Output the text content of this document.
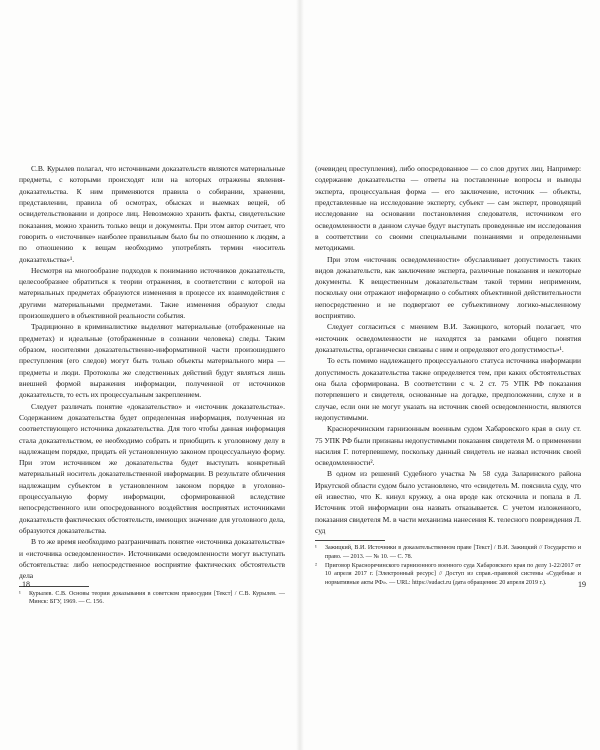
С.В. Курылев полагал, что источниками доказательств являются материальные предметы, с которыми происходят или на которых отражены явления-доказательства. К ним применяются правила о собирании, хранении, представлении, правила об осмотрах, обысках и выемках вещей, об освидетельствовании и допросе лиц. Невозможно хранить факты, свидетельские показания, можно хранить только вещи и документы. При этом автор считает, что говорить о «источнике» наиболее правильным было бы по отношению к людям, а по отношению к вещам необходимо употреблять термин «носитель доказательства»¹.

Несмотря на многообразие подходов к пониманию источников доказательств, целесообразнее обратиться к теории отражения, в соответствии с которой на материальных предметах образуются изменения в процессе их взаимодействия с другими материальными предметами. Такие изменения образуют следы произошедшего в объективной реальности события.

Традиционно в криминалистике выделяют материальные (отображенные на предметах) и идеальные (отображенные в сознании человека) следы. Таким образом, носителями доказательственно-информативной части произошедшего преступления (его следов) могут быть только объекты материального мира — предметы и люди. Протоколы же следственных действий будут являться лишь внешней формой выражения информации, полученной от источников доказательств, то есть их процессуальным закреплением.

Следует различать понятие «доказательство» и «источник доказательства». Содержанием доказательства будет определенная информация, полученная из соответствующего источника доказательства. Для того чтобы данная информация стала доказательством, ее необходимо собрать и приобщить к уголовному делу в надлежащем порядке, придать ей установленную законом процессуальную форму. При этом источником же доказательства будет выступать конкретный материальный носитель доказательственной информации. В результате обличения надлежащим субъектом в установленном законом порядке в уголовно-процессуальную форму информации, сформированной вследствие непосредственного или опосредованного воздействия восприятых источниками доказательств фактических обстоятельств, имеющих значение для уголовного дела, образуются доказательства.

В то же время необходимо разграничивать понятие «источника доказательства» и «источника осведомленности». Источниками осведомленности могут выступать обстоятельства: либо непосредственное восприятие фактических обстоятельств дела

¹	Курылев. С.В. Основы теории доказывания в советском правосудии [Текст] / С.В. Курылев. — Минск: БГУ, 1969. — С. 156.
18

(очевидец преступления), либо опосредованное — со слов других лиц. Например: содержание доказательства — ответы на поставленные вопросы и выводы эксперта, процессуальная форма — его заключение, источник — объекты, представленные на исследование эксперту, субъект — сам эксперт, проводящий исследование на основании постановления следователя, источником его осведомленности в данном случае будут выступать проведенные им исследования в соответствии со своими специальными познаниями и определенными методиками.

При этом «источник осведомленности» обуславливает допустимость таких видов доказательств, как заключение эксперта, различные показания и некоторые документы. К вещественным доказательствам такой термин неприменим, поскольку они отражают информацию о событиях объективной действительности непосредственно и не подвергают ее субъективному логико-мысленному восприятию.

Следует согласиться с мнением В.И. Зажицкого, который полагает, что «источник осведомленности не находятся за рамками общего понятия доказательства, органически связаны с ним и определяют его допустимость»¹.

То есть помимо надлежащего процессуального статуса источника информации допустимость доказательства также определяется тем, при каких обстоятельствах она была сформирована. В соответствии с ч. 2 ст. 75 УПК РФ показания потерпевшего и свидетеля, основанные на догадке, предположении, слухе и в случае, если они не могут указать на источник своей осведомленности, являются недопустимыми.

Красноречинским гарнизонным военным судом Хабаровского края в силу ст. 75 УПК РФ были признаны недопустимыми показания свидетеля М. о применении насилия Г. потерпевшему, поскольку данный свидетель не назвал источник своей осведомленности².

В одном из решений Судебного участка № 58 суда Заларинского района Иркутской области судом было установлено, что «свидетель М. пояснила суду, что ей известно, что К. кинул кружку, а она вроде как отскочила и попала в Л. Источник этой информации она назвать отказывается. С учетом изложенного, показания свидетеля М. в части механизма нанесения К. телесного повреждения Л. суд

¹	Зажицкий, В.И. Источники в доказательственном праве [Текст] / В.И. Зажицкий // Государство и право. — 2013. — № 10. — С. 78.
²	Приговор Красноречинского гарнизонного военного суда Хабаровского края по делу 1-22/2017 от 10 апреля 2017 г. [Электронный ресурс] // Доступ из справ.-правовой системы «Судебные и нормативные акты РФ». — URL: https://sudact.ru (дата обращения: 20 апреля 2019 г.).	19
